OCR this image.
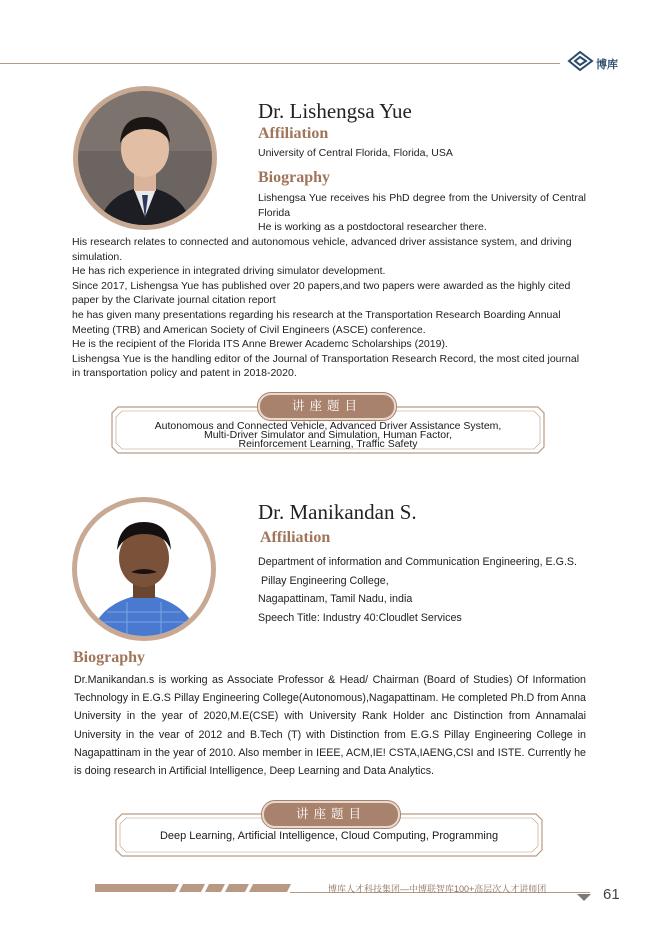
博库
Dr. Lishengsa Yue
Affiliation
University of Central Florida, Florida, USA
Biography

Lishengsa Yue receives his PhD degree from the University of Central Florida

He is working as a postdoctoral researcher there.

His research relates to connected and autonomous vehicle, advanced driver assistance system, and driving simulation.

He has rich experience in integrated driving simulator development.

Since 2017, Lishengsa Yue has published over 20 papers,and two papers were awarded as the highly cited paper by the Clarivate journal citation report

he has given many presentations regarding his research at the Transportation Research Boarding Annual Meeting (TRB) and American Society of Civil Engineers (ASCE) conference.

He is the recipient of the Florida ITS Anne Brewer Academc Scholarships (2019).

Lishengsa Yue is the handling editor of the Journal of Transportation Research Record, the most cited journal in transportation policy and patent in 2018-2020.

讲座题目
Autonomous and Connected Vehicle, Advanced Driver Assistance System,
Multi-Driver Simulator and Simulation, Human Factor,
Reinforcement Learning, Traffic Safety
Dr. Manikandan S.
Affiliation

Department of information and Communication Engineering, E.G.S.

Pillay Engineering College,

Nagapattinam, Tamil Nadu, india

Speech Title: Industry 40:Cloudlet Services

Biography
Dr.Manikandan.s is working as Associate Professor & Head/ Chairman (Board of Studies) Of Information Technology in E.G.S Pillay Engineering College(Autonomous),Nagapattinam. He completed Ph.D from Anna University in the year of 2020,M.E(CSE) with University Rank Holder anc Distinction from Annamalai University in the vear of 2012 and B.Tech (T) with Distinction from E.G.S Pillay Engineering College in Nagapattinam in the year of 2010. Also member in IEEE, ACM,IE! CSTA,IAENG,CSI and ISTE. Currently he is doing research in Artificial Intelligence, Deep Learning and Data Analytics.
讲座题目
Deep Learning, Artificial Intelligence, Cloud Computing, Programming
博库人才科技集团—中博联智库100+高层次人才讲师团	61
